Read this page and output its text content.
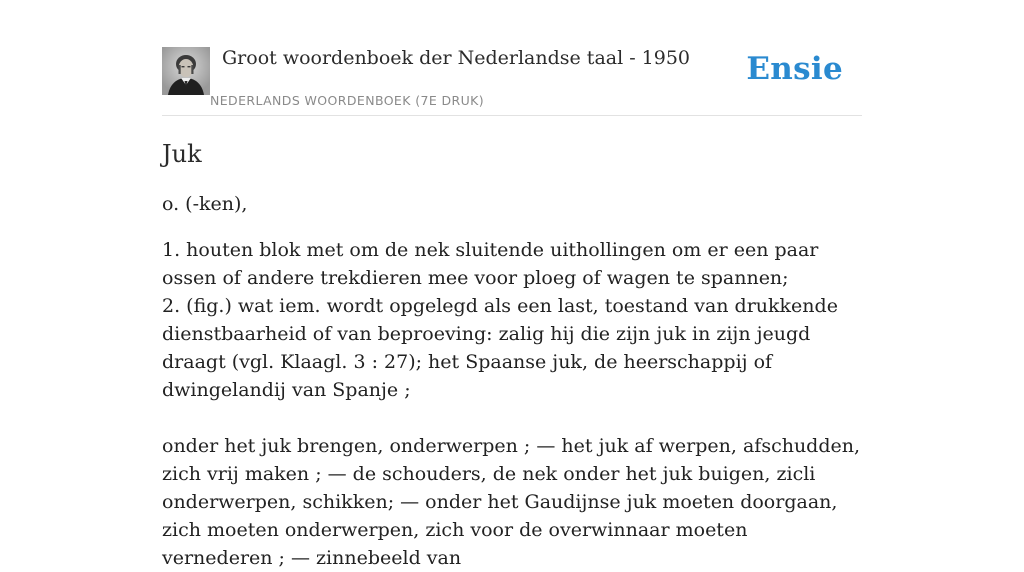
Groot woordenboek der Nederlandse taal - 1950
NEDERLANDS WOORDENBOEK (7E DRUK)
Ensie
Juk

o. (-ken),

1. houten blok met om de nek sluitende uithollingen om er een paar ossen of andere trekdieren mee voor ploeg of wagen te spannen;
2. (fig.) wat iem. wordt opgelegd als een last, toestand van drukkende dienstbaarheid of van beproeving: zalig hij die zijn juk in zijn jeugd draagt (vgl. Klaagl. 3 : 27); het Spaanse juk, de heerschappij of dwingelandij van Spanje ;

onder het juk brengen, onderwerpen ; — het juk af werpen, afschudden, zich vrij maken ; — de schouders, de nek onder het juk buigen, zicli onderwerpen, schikken; — onder het Gaudijnse juk moeten doorgaan, zich moeten onderwerpen, zich voor de overwinnaar moeten vernederen ; — zinnebeeld van
